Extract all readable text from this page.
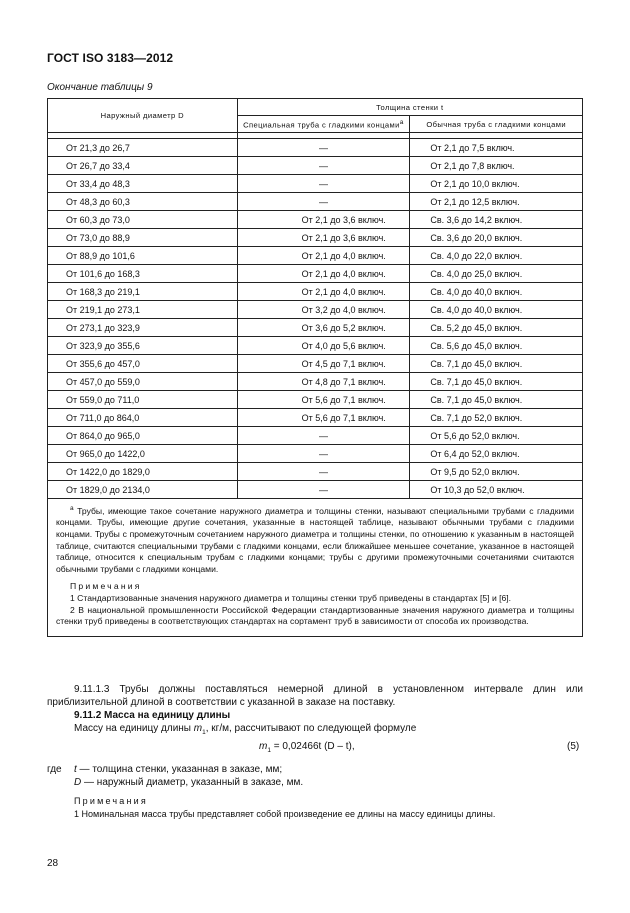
ГОСТ ISO 3183—2012
Окончание таблицы 9
Наружный диаметр D	Толщина стенки t	
	Специальная труба с гладкими концами$^a$	Обычная труба с гладкими концами

От 21,3 до 26,7	—	От 2,1 до 7,5 включ.
От 26,7 до 33,4	—	От 2,1 до 7,8 включ.
От 33,4 до 48,3	—	От 2,1 до 10,0 включ.
От 48,3 до 60,3	—	От 2,1 до 12,5 включ.
От 60,3 до 73,0	От 2,1 до 3,6 включ.	Св. 3,6 до 14,2 включ.
От 73,0 до 88,9	От 2,1 до 3,6 включ.	Св. 3,6 до 20,0 включ.
От 88,9 до 101,6	От 2,1 до 4,0 включ.	Св. 4,0 до 22,0 включ.
От 101,6 до 168,3	От 2,1 до 4,0 включ.	Св. 4,0 до 25,0 включ.
От 168,3 до 219,1	От 2,1 до 4,0 включ.	Св. 4,0 до 40,0 включ.
От 219,1 до 273,1	От 3,2 до 4,0 включ.	Св. 4,0 до 40,0 включ.
От 273,1 до 323,9	От 3,6 до 5,2 включ.	Св. 5,2 до 45,0 включ.
От 323,9 до 355,6	От 4,0 до 5,6 включ.	Св. 5,6 до 45,0 включ.
От 355,6 до 457,0	От 4,5 до 7,1 включ.	Св. 7,1 до 45,0 включ.
От 457,0 до 559,0	От 4,8 до 7,1 включ.	Св. 7,1 до 45,0 включ.
От 559,0 до 711,0	От 5,6 до 7,1 включ.	Св. 7,1 до 45,0 включ.
От 711,0 до 864,0	От 5,6 до 7,1 включ.	Св. 7,1 до 52,0 включ.
От 864,0 до 965,0	—	От 5,6 до 52,0 включ.
От 965,0 до 1422,0	—	От 6,4 до 52,0 включ.
От 1422,0 до 1829,0	—	От 9,5 до 52,0 включ.
От 1829,0 до 2134,0	—	От 10,3 до 52,0 включ.

$^a$ Трубы, имеющие такое сочетание наружного диаметра и толщины стенки, называют специальными трубами с гладкими концами. Трубы, имеющие другие сочетания, указанные в настоящей таблице, называют обычными трубами с гладкими концами. Трубы с промежуточным сочетанием наружного диаметра и толщины стенки, по отношению к указанным в настоящей таблице, считаются специальными трубами с гладкими концами, если ближайшее меньшее сочетание, указанное в настоящей таблице, относится к специальным трубам с гладкими концами; трубы с другими промежуточными сочетаниями считаются обычными трубами с гладкими концами.
Примечания
1 Стандартизованные значения наружного диаметра и толщины стенки труб приведены в стандартах [5] и [6].
2 В национальной промышленности Российской Федерации стандартизованные значения наружного диаметра и толщины стенки труб приведены в соответствующих стандартах на сортамент труб в зависимости от способа их производства.		
9.11.1.3 Трубы должны поставляться немерной длиной в установленном интервале длин или приблизительной длиной в соответствии с указанной в заказе на поставку.
9.11.2 Масса на единицу длины
Массу на единицу длины $m_1$, кг/м, рассчитывают по следующей формуле
$m_1 = 0,02466t$ (D – t),	(5)
где t — толщина стенки, указанная в заказе, мм;
D — наружный диаметр, указанный в заказе, мм.
Примечания
1 Номинальная масса трубы представляет собой произведение ее длины на массу единицы длины.
28
